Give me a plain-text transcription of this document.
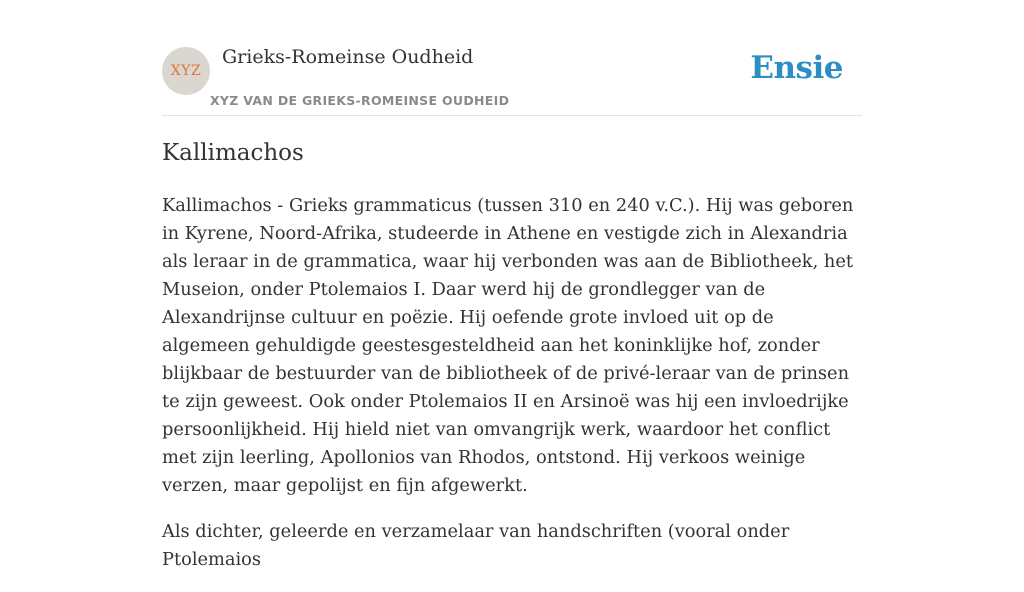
XYZ
Grieks-Romeinse Oudheid
XYZ VAN DE GRIEKS-ROMEINSE OUDHEID
Ensie
Kallimachos

Kallimachos - Grieks grammaticus (tussen 310 en 240 v.C.). Hij was geboren in Kyrene, Noord-Afrika, studeerde in Athene en vestigde zich in Alexandria als leraar in de grammatica, waar hij verbonden was aan de Bibliotheek, het Museion, onder Ptolemaios I. Daar werd hij de grondlegger van de Alexandrijnse cultuur en poëzie. Hij oefende grote invloed uit op de algemeen gehuldigde geestesgesteldheid aan het koninklijke hof, zonder blijkbaar de bestuurder van de bibliotheek of de privé-leraar van de prinsen te zijn geweest. Ook onder Ptolemaios II en Arsinoë was hij een invloedrijke persoonlijkheid. Hij hield niet van omvangrijk werk, waardoor het conflict met zijn leerling, Apollonios van Rhodos, ontstond. Hij verkoos weinige verzen, maar gepolijst en fijn afgewerkt.

Als dichter, geleerde en verzamelaar van handschriften (vooral onder Ptolemaios
